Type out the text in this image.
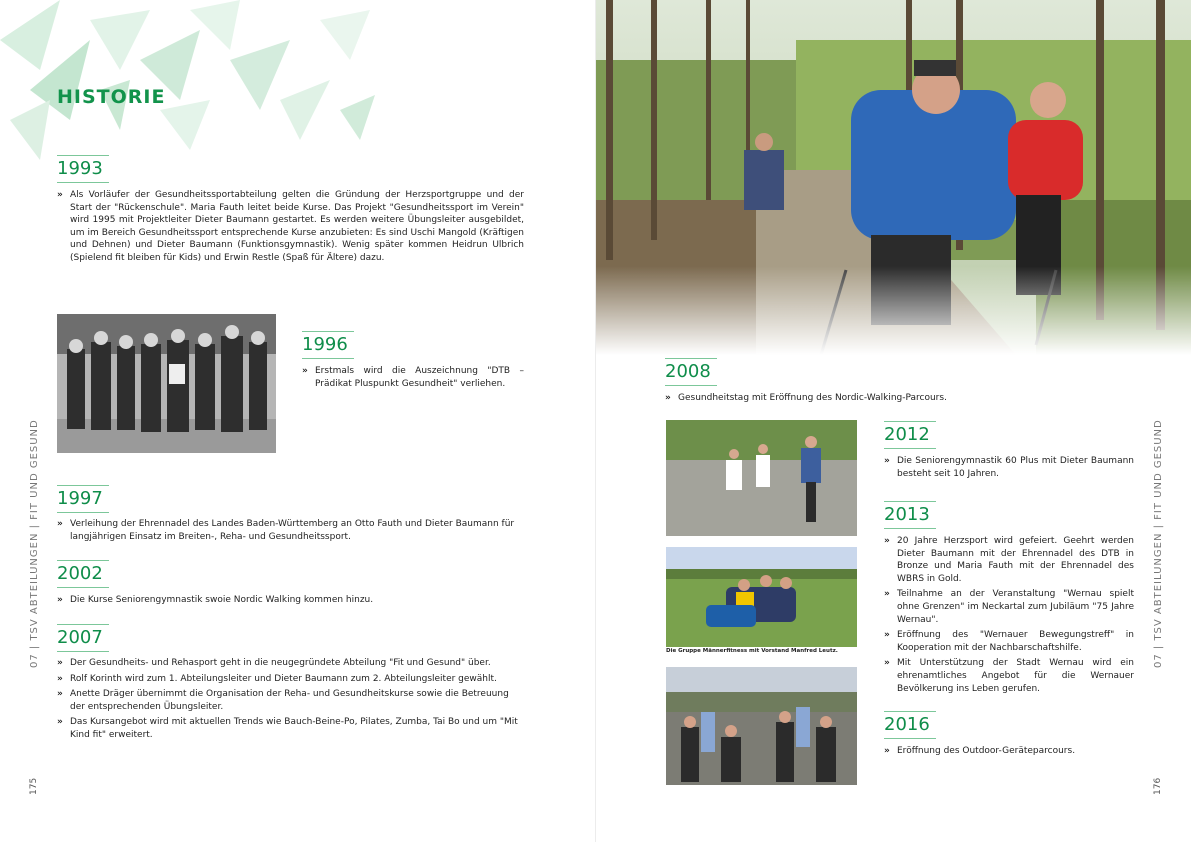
HISTORIE
1993
» Als Vorläufer der Gesundheitssportabteilung gelten die Gründung der Herzsportgruppe und der Start der "Rückenschule". Maria Fauth leitet beide Kurse. Das Projekt "Gesundheitssport im Verein" wird 1995 mit Projektleiter Dieter Baumann gestartet. Es werden weitere Übungsleiter ausgebildet, um im Bereich Gesundheitssport entsprechende Kurse anzubieten: Es sind Uschi Mangold (Kräftigen und Dehnen) und Dieter Baumann (Funktionsgymnastik). Wenig später kommen Heidrun Ulbrich (Spielend fit bleiben für Kids) und Erwin Restle (Spaß für Ältere) dazu.
1996
» Erstmals wird die Auszeichnung "DTB – Prädikat Pluspunkt Gesundheit" verliehen.
1997
» Verleihung der Ehrennadel des Landes Baden-Württemberg an Otto Fauth und Dieter Baumann für langjährigen Einsatz im Breiten-, Reha- und Gesundheitssport.
2002
» Die Kurse Seniorengymnastik swoie Nordic Walking kommen hinzu.
2007
» Der Gesundheits- und Rehasport geht in die neugegründete Abteilung "Fit und Gesund" über.
» Rolf Korinth wird zum 1. Abteilungsleiter und Dieter Baumann zum 2. Abteilungsleiter gewählt.
» Anette Dräger übernimmt die Organisation der Reha- und Gesundheitskurse sowie die Betreuung der entsprechenden Übungsleiter.
» Das Kursangebot wird mit aktuellen Trends wie Bauch-Beine-Po, Pilates, Zumba, Tai Bo und um "Mit Kind fit" erweitert.
07 | TSV ABTEILUNGEN | FIT UND GESUND
175
2008
» Gesundheitstag mit Eröffnung des Nordic-Walking-Parcours.
Die Gruppe Männerfitness mit Vorstand Manfred Leutz.
2012
» Die Seniorengymnastik 60 Plus mit Dieter Baumann besteht seit 10 Jahren.
2013
» 20 Jahre Herzsport wird gefeiert. Geehrt werden Dieter Baumann mit der Ehrennadel des DTB in Bronze und Maria Fauth mit der Ehrennadel des WBRS in Gold.
» Teilnahme an der Veranstaltung "Wernau spielt ohne Grenzen" im Neckartal zum Jubiläum "75 Jahre Wernau".
» Eröffnung des "Wernauer Bewegungstreff" in Kooperation mit der Nachbarschaftshilfe.
» Mit Unterstützung der Stadt Wernau wird ein ehrenamtliches Angebot für die Wernauer Bevölkerung ins Leben gerufen.
2016
» Eröffnung des Outdoor-Geräteparcours.
07 | TSV ABTEILUNGEN | FIT UND GESUND
176
